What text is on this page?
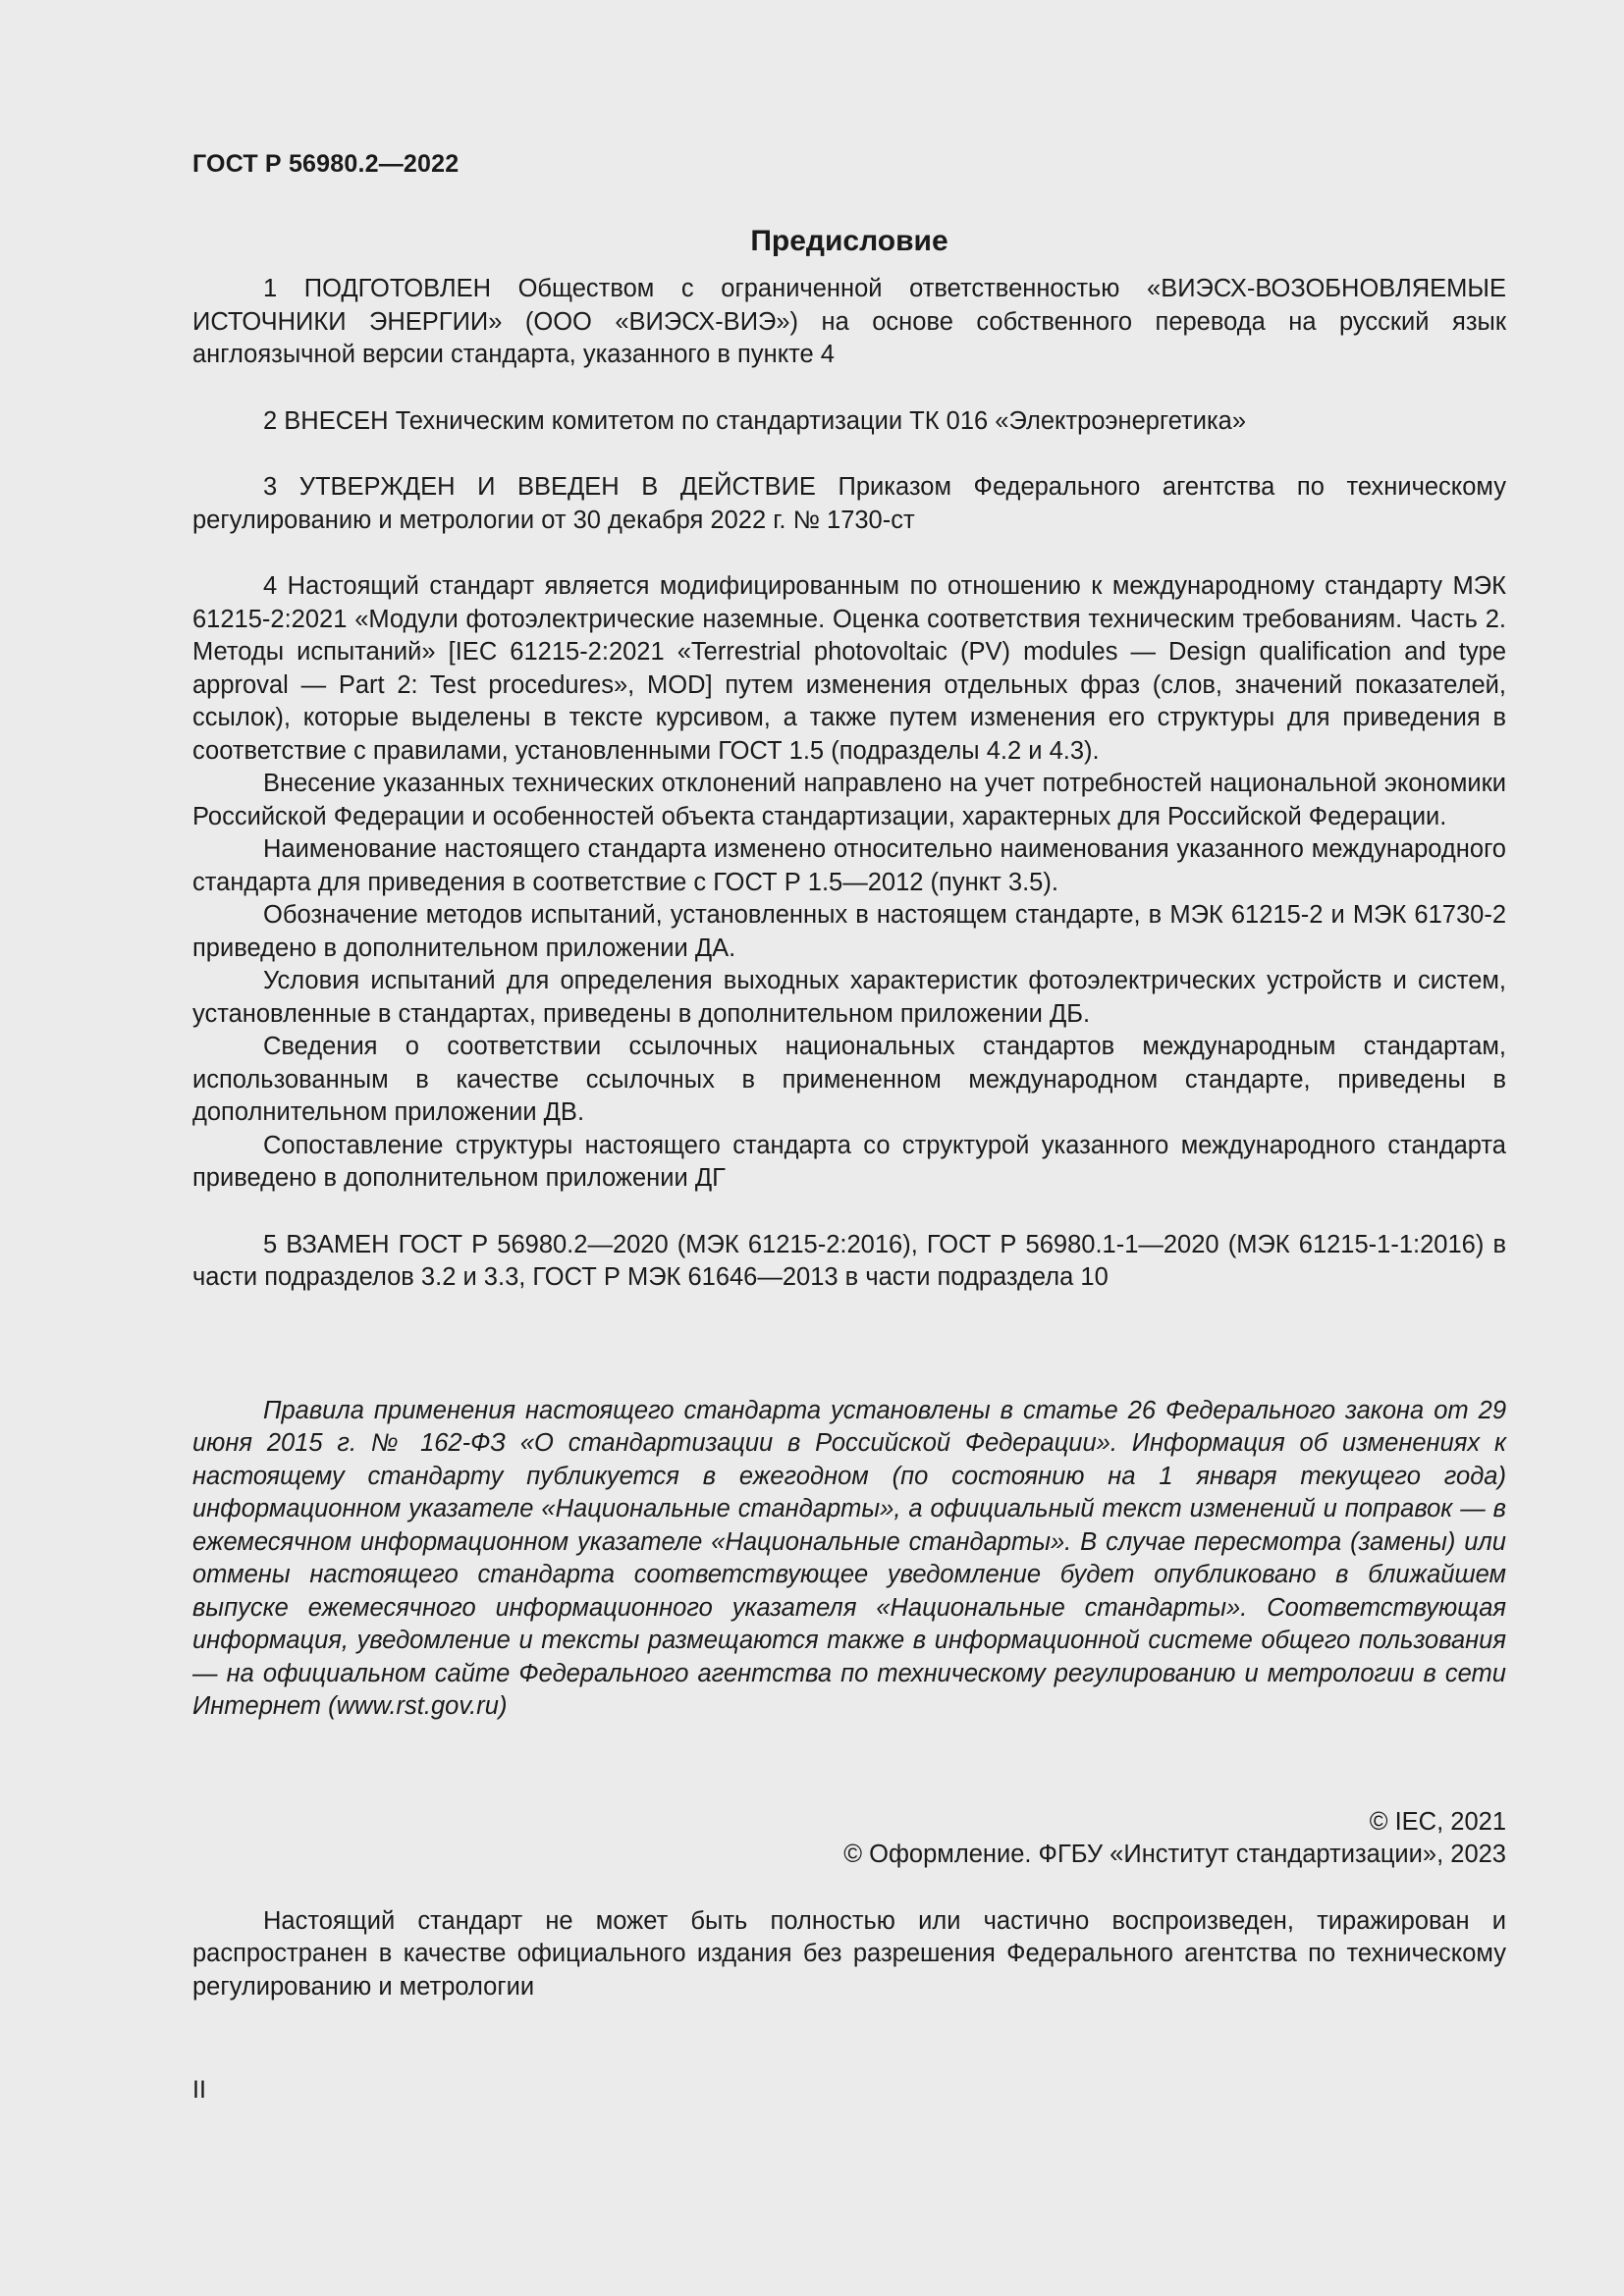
ГОСТ Р 56980.2—2022
Предисловие

1 ПОДГОТОВЛЕН Обществом с ограниченной ответственностью «ВИЭСХ-ВОЗОБНОВЛЯЕМЫЕ ИСТОЧНИКИ ЭНЕРГИИ» (ООО «ВИЭСХ-ВИЭ») на основе собственного перевода на русский язык англоязычной версии стандарта, указанного в пункте 4

2 ВНЕСЕН Техническим комитетом по стандартизации ТК 016 «Электроэнергетика»

3 УТВЕРЖДЕН И ВВЕДЕН В ДЕЙСТВИЕ Приказом Федерального агентства по техническому регулированию и метрологии от 30 декабря 2022 г. № 1730-ст

4 Настоящий стандарт является модифицированным по отношению к международному стандарту МЭК 61215-2:2021 «Модули фотоэлектрические наземные. Оценка соответствия техническим требованиям. Часть 2. Методы испытаний» [IEC 61215-2:2021 «Terrestrial photovoltaic (PV) modules — Design qualification and type approval — Part 2: Test procedures», MOD] путем изменения отдельных фраз (слов, значений показателей, ссылок), которые выделены в тексте курсивом, а также путем изменения его структуры для приведения в соответствие с правилами, установленными ГОСТ 1.5 (подразделы 4.2 и 4.3).

Внесение указанных технических отклонений направлено на учет потребностей национальной экономики Российской Федерации и особенностей объекта стандартизации, характерных для Российской Федерации.

Наименование настоящего стандарта изменено относительно наименования указанного международного стандарта для приведения в соответствие с ГОСТ Р 1.5—2012 (пункт 3.5).

Обозначение методов испытаний, установленных в настоящем стандарте, в МЭК 61215-2 и МЭК 61730-2 приведено в дополнительном приложении ДА.

Условия испытаний для определения выходных характеристик фотоэлектрических устройств и систем, установленные в стандартах, приведены в дополнительном приложении ДБ.

Сведения о соответствии ссылочных национальных стандартов международным стандартам, использованным в качестве ссылочных в примененном международном стандарте, приведены в дополнительном приложении ДВ.

Сопоставление структуры настоящего стандарта со структурой указанного международного стандарта приведено в дополнительном приложении ДГ

5 ВЗАМЕН ГОСТ Р 56980.2—2020 (МЭК 61215-2:2016), ГОСТ Р 56980.1-1—2020 (МЭК 61215-1-1:2016) в части подразделов 3.2 и 3.3, ГОСТ Р МЭК 61646—2013 в части подраздела 10

Правила применения настоящего стандарта установлены в статье 26 Федерального закона от 29 июня 2015 г. № 162-ФЗ «О стандартизации в Российской Федерации». Информация об изменениях к настоящему стандарту публикуется в ежегодном (по состоянию на 1 января текущего года) информационном указателе «Национальные стандарты», а официальный текст изменений и поправок — в ежемесячном информационном указателе «Национальные стандарты». В случае пересмотра (замены) или отмены настоящего стандарта соответствующее уведомление будет опубликовано в ближайшем выпуске ежемесячного информационного указателя «Национальные стандарты». Соответствующая информация, уведомление и тексты размещаются также в информационной системе общего пользования — на официальном сайте Федерального агентства по техническому регулированию и метрологии в сети Интернет (www.rst.gov.ru)

© IEC, 2021
© Оформление. ФГБУ «Институт стандартизации», 2023

Настоящий стандарт не может быть полностью или частично воспроизведен, тиражирован и распространен в качестве официального издания без разрешения Федерального агентства по техническому регулированию и метрологии

II
